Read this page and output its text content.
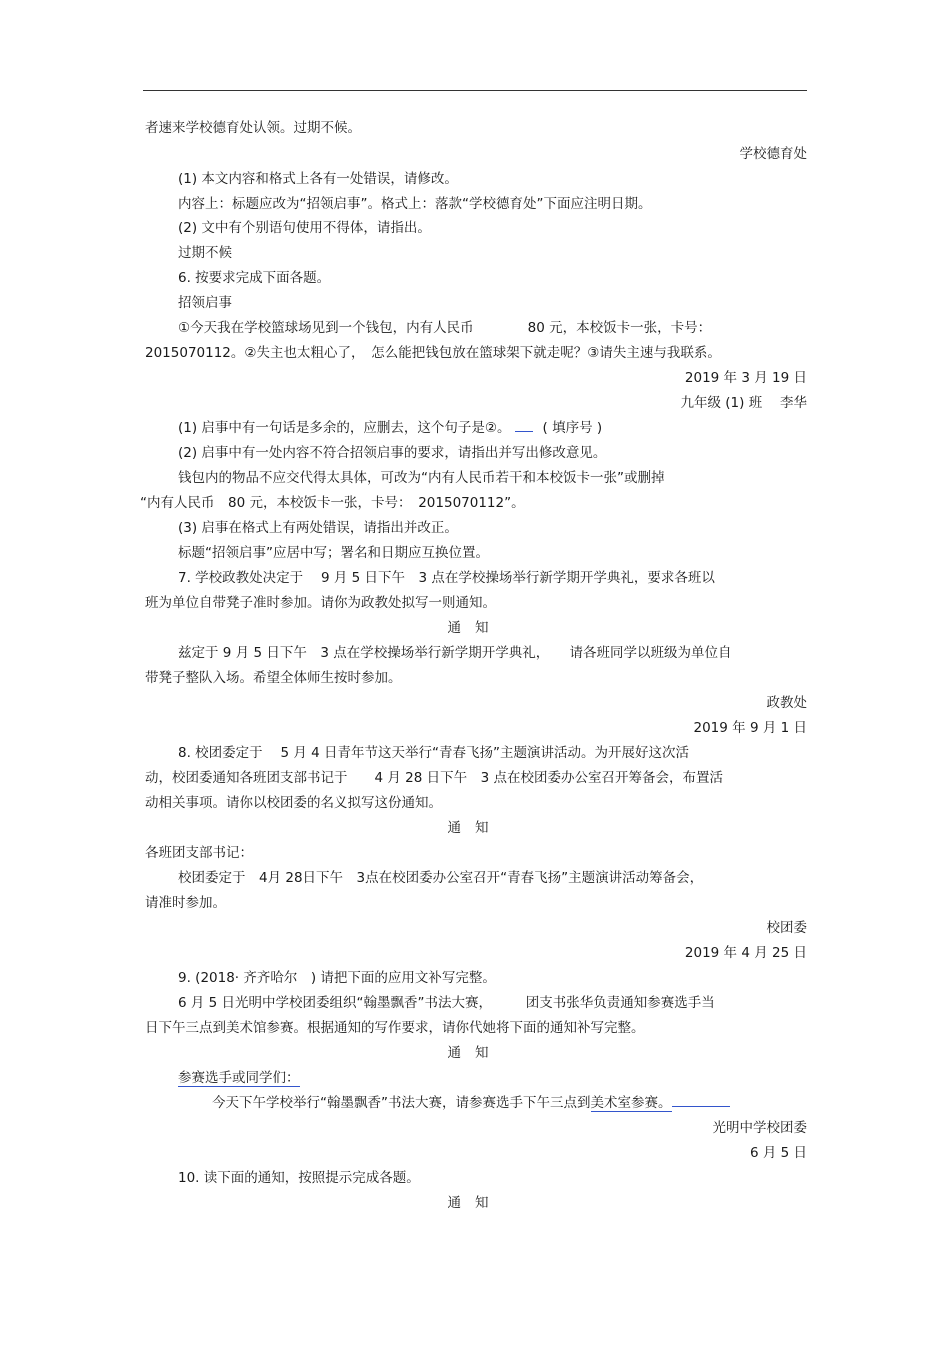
者速来学校德育处认领。过期不候。
学校德育处
(1) 本文内容和格式上各有一处错误，请修改。
内容上：标题应改为“招领启事”。格式上：落款“学校德育处”下面应注明日期。
(2) 文中有个别语句使用不得体，请指出。
过期不候
6. 按要求完成下面各题。
招领启事
①今天我在学校篮球场见到一个钱包，内有人民币　　　　80 元，本校饭卡一张，卡号：
2015070112。②失主也太粗心了，　怎么能把钱包放在篮球架下就走呢？③请失主速与我联系。
2019 年 3 月 19 日
九年级 (1) 班　 李华
(1) 启事中有一句话是多余的，应删去，这个句子是②。 ( 填序号 )
(2) 启事中有一处内容不符合招领启事的要求，请指出并写出修改意见。
钱包内的物品不应交代得太具体，可改为“内有人民币若干和本校饭卡一张”或删掉
“内有人民币　80 元，本校饭卡一张，卡号：　2015070112”。
(3) 启事在格式上有两处错误，请指出并改正。
标题“招领启事”应居中写；署名和日期应互换位置。
7. 学校政教处决定于　 9 月 5 日下午　3 点在学校操场举行新学期开学典礼，要求各班以
班为单位自带凳子准时参加。请你为政教处拟写一则通知。
通知
兹定于 9 月 5 日下午　3 点在学校操场举行新学期开学典礼，　　请各班同学以班级为单位自
带凳子整队入场。希望全体师生按时参加。
政教处
2019 年 9 月 1 日
8. 校团委定于　 5 月 4 日青年节这天举行“青春飞扬”主题演讲活动。为开展好这次活
动，校团委通知各班团支部书记于　　4 月 28 日下午　3 点在校团委办公室召开筹备会，布置活
动相关事项。请你以校团委的名义拟写这份通知。
通知
各班团支部书记：
校团委定于　4月 28日下午　3点在校团委办公室召开“青春飞扬”主题演讲活动筹备会，
请准时参加。
校团委
2019 年 4 月 25 日
9. (2018· 齐齐哈尔　) 请把下面的应用文补写完整。
6 月 5 日光明中学校团委组织“翰墨飘香”书法大赛，　　　团支书张华负责通知参赛选手当
日下午三点到美术馆参赛。根据通知的写作要求，请你代她将下面的通知补写完整。
通知
参赛选手或同学们：
今天下午学校举行“翰墨飘香”书法大赛，请参赛选手下午三点到美术室参赛。
光明中学校团委
6 月 5 日
10. 读下面的通知，按照提示完成各题。
通知
